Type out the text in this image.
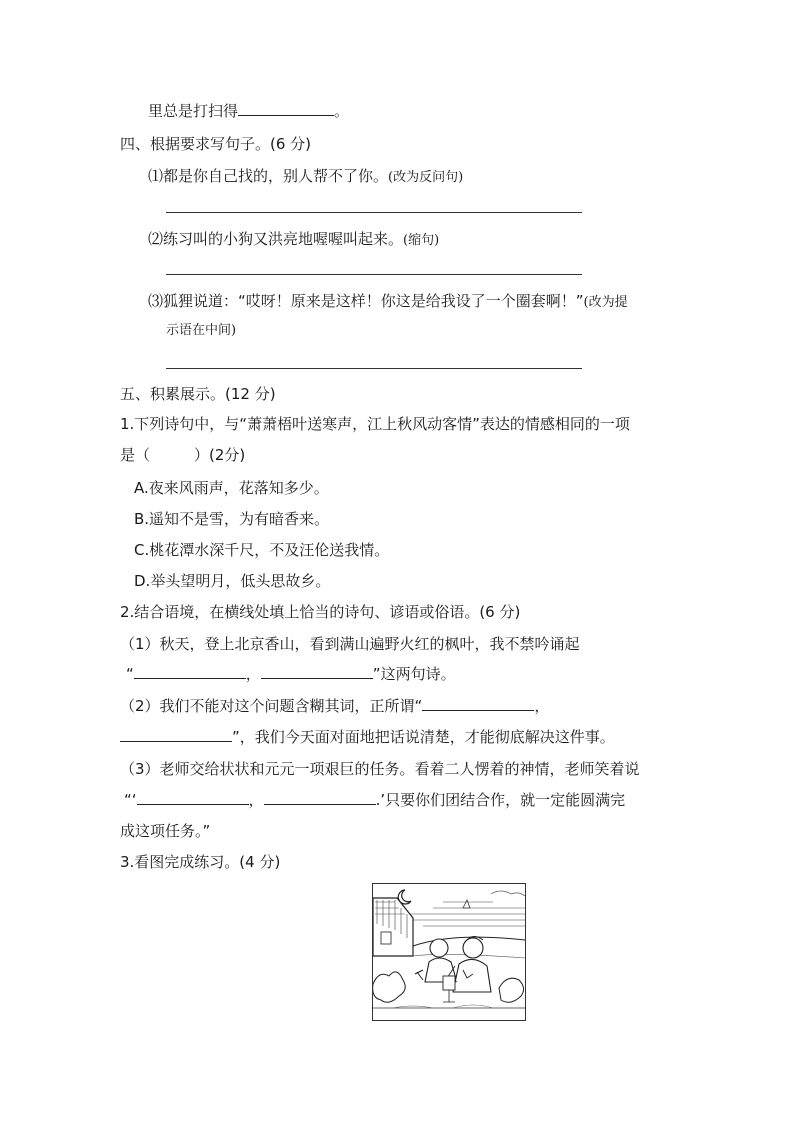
里总是打扫得	。
四、根据要求写句子。(6 分)
⑴都是你自己找的，别人帮不了你。(改为反问句)
⑵练习叫的小狗又洪亮地喔喔叫起来。(缩句)
⑶狐狸说道：“哎呀！原来是这样！你这是给我设了一个圈套啊！”(改为提
示语在中间)
五、积累展示。(12 分)
1.下列诗句中，与“萧萧梧叶送寒声，江上秋风动客情”表达的情感相同的一项
是（	）(2分)
A.夜来风雨声，花落知多少。
B.遥知不是雪，为有暗香来。
C.桃花潭水深千尺，不及汪伦送我情。
D.举头望明月，低头思故乡。
2.结合语境，在横线处填上恰当的诗句、谚语或俗语。(6 分)
（1）秋天，登上北京香山，看到满山遍野火红的枫叶，我不禁吟诵起
“	，	”这两句诗。
（2）我们不能对这个问题含糊其词，正所谓“	，
”，我们今天面对面地把话说清楚，才能彻底解决这件事。
（3）老师交给状状和元元一项艰巨的任务。看着二人愣着的神情，老师笑着说
“‘	，	.’只要你们团结合作，就一定能圆满完
成这项任务。”
3.看图完成练习。(4 分)
